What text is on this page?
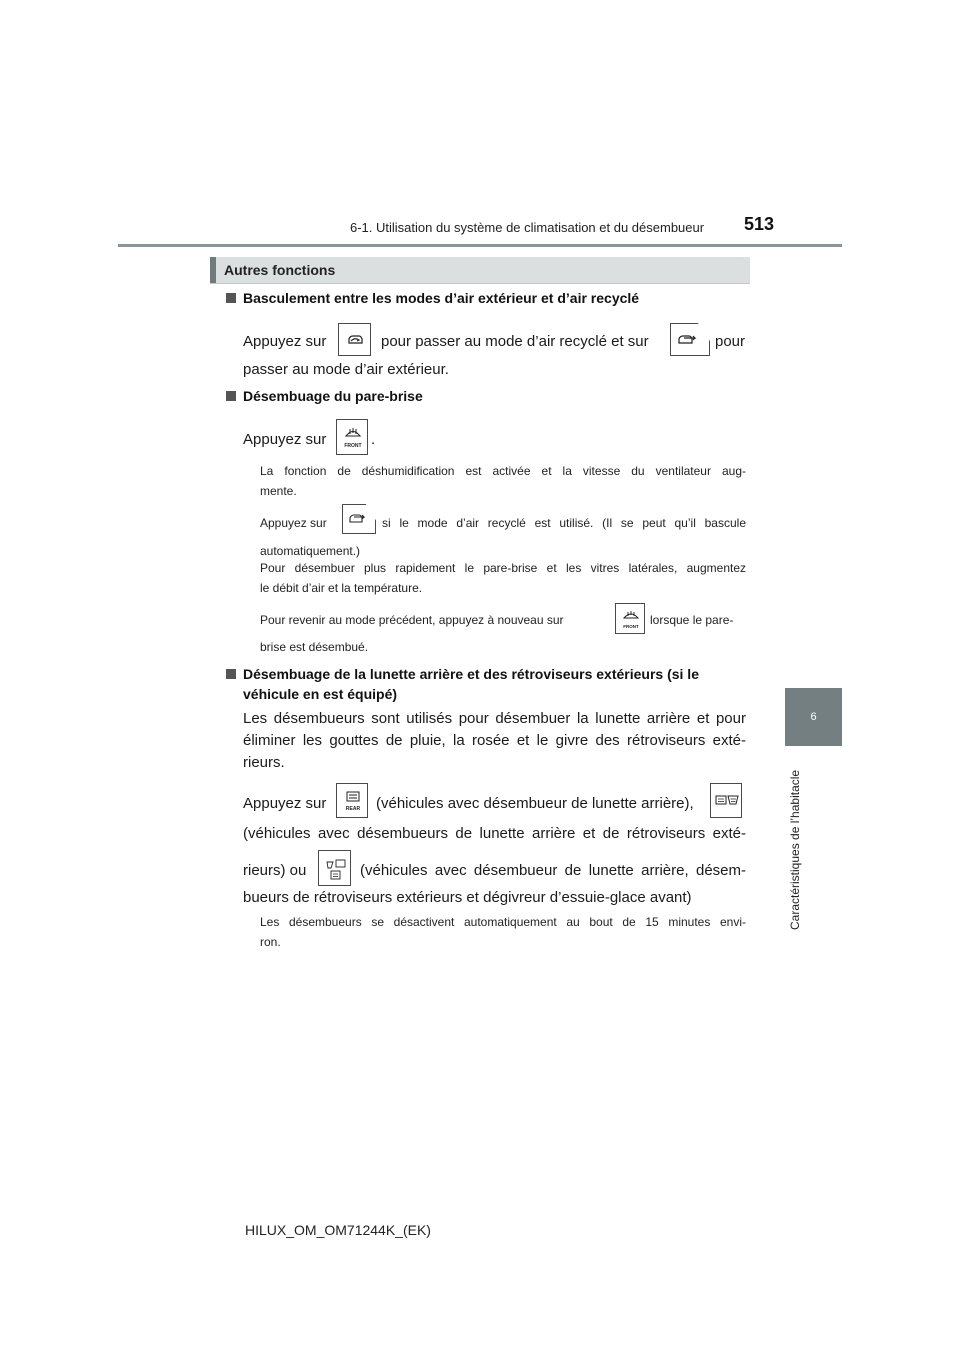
6-1. Utilisation du système de climatisation et du désembueur 513
6
Caractéristiques de l’habitacle
Autres fonctions
Basculement entre les modes d’air extérieur et d’air recyclé
Appuyez sur	pour passer au mode d’air recyclé et sur	pour
passer au mode d’air extérieur.
Désembuage du pare-brise
Appuyez sur	FRONT .
La fonction de déshumidification est activée et la vitesse du ventilateur aug-
mente.
Appuyez sur	si le mode d’air recyclé est utilisé. (Il se peut qu’il bascule
automatiquement.)
Pour désembuer plus rapidement le pare-brise et les vitres latérales, augmentez
le débit d’air et la température.
Pour revenir au mode précédent, appuyez à nouveau sur	FRONT lorsque le pare-
brise est désembué.
Désembuage de la lunette arrière et des rétroviseurs extérieurs (si le
véhicule en est équipé)
Les désembueurs sont utilisés pour désembuer la lunette arrière et pour
éliminer les gouttes de pluie, la rosée et le givre des rétroviseurs exté-
rieurs.
Appuyez sur	REAR (véhicules avec désembueur de lunette arrière),
(véhicules avec désembueurs de lunette arrière et de rétroviseurs exté-
rieurs) ou	(véhicules avec désembueur de lunette arrière, désem-
bueurs de rétroviseurs extérieurs et dégivreur d’essuie-glace avant)
Les désembueurs se désactivent automatiquement au bout de 15 minutes envi-
ron.
HILUX_OM_OM71244K_(EK)
